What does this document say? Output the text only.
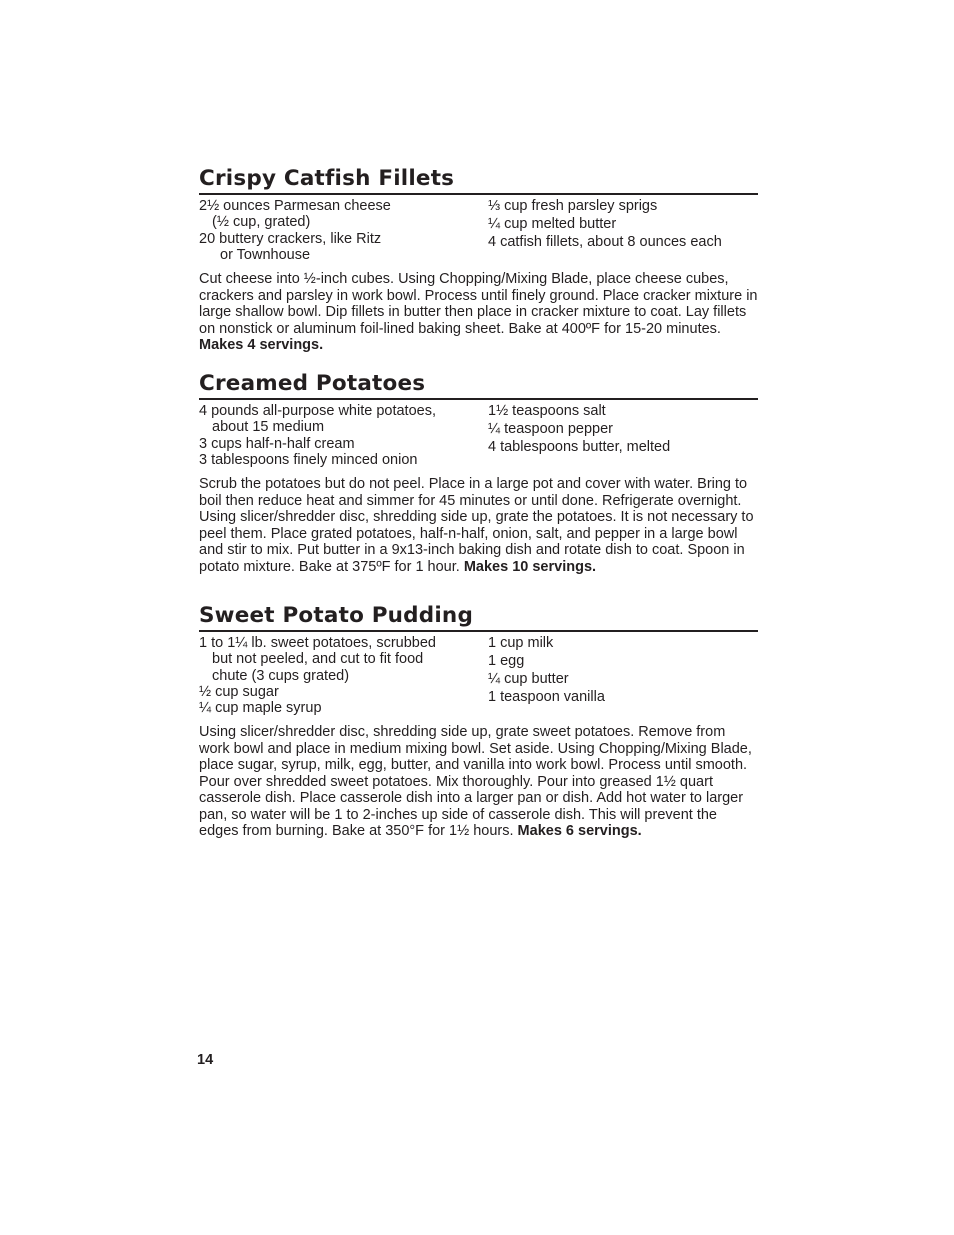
Crispy Catfish Fillets
2½ ounces Parmesan cheese
(½ cup, grated)
20 buttery crackers, like Ritz
or Townhouse
⅓ cup fresh parsley sprigs
¼ cup melted butter
4 catfish fillets, about 8 ounces each

Cut cheese into ½-inch cubes. Using Chopping/Mixing Blade, place cheese cubes, crackers and parsley in work bowl. Process until finely ground. Place cracker mixture in large shallow bowl. Dip fillets in butter then place in cracker mixture to coat. Lay fillets on nonstick or aluminum foil-lined baking sheet. Bake at 400ºF for 15-20 minutes. Makes 4 servings.

Creamed Potatoes
4 pounds all-purpose white potatoes,
about 15 medium
3 cups half-n-half cream
3 tablespoons finely minced onion
1½ teaspoons salt
¼ teaspoon pepper
4 tablespoons butter, melted

Scrub the potatoes but do not peel. Place in a large pot and cover with water. Bring to boil then reduce heat and simmer for 45 minutes or until done. Refrigerate overnight. Using slicer/shredder disc, shredding side up, grate the potatoes. It is not necessary to peel them. Place grated potatoes, half-n-half, onion, salt, and pepper in a large bowl and stir to mix. Put butter in a 9x13-inch baking dish and rotate dish to coat. Spoon in potato mixture. Bake at 375ºF for 1 hour. Makes 10 servings.

Sweet Potato Pudding
1 to 1¼ lb. sweet potatoes, scrubbed
but not peeled, and cut to fit food
chute (3 cups grated)
½ cup sugar
¼ cup maple syrup
1 cup milk
1 egg
¼ cup butter
1 teaspoon vanilla

Using slicer/shredder disc, shredding side up, grate sweet potatoes. Remove from work bowl and place in medium mixing bowl. Set aside. Using Chopping/Mixing Blade, place sugar, syrup, milk, egg, butter, and vanilla into work bowl. Process until smooth. Pour over shredded sweet potatoes. Mix thoroughly. Pour into greased 1½ quart casserole dish. Place casserole dish into a larger pan or dish. Add hot water to larger pan, so water will be 1 to 2-inches up side of casserole dish. This will prevent the edges from burning. Bake at 350°F for 1½ hours. Makes 6 servings.

14
